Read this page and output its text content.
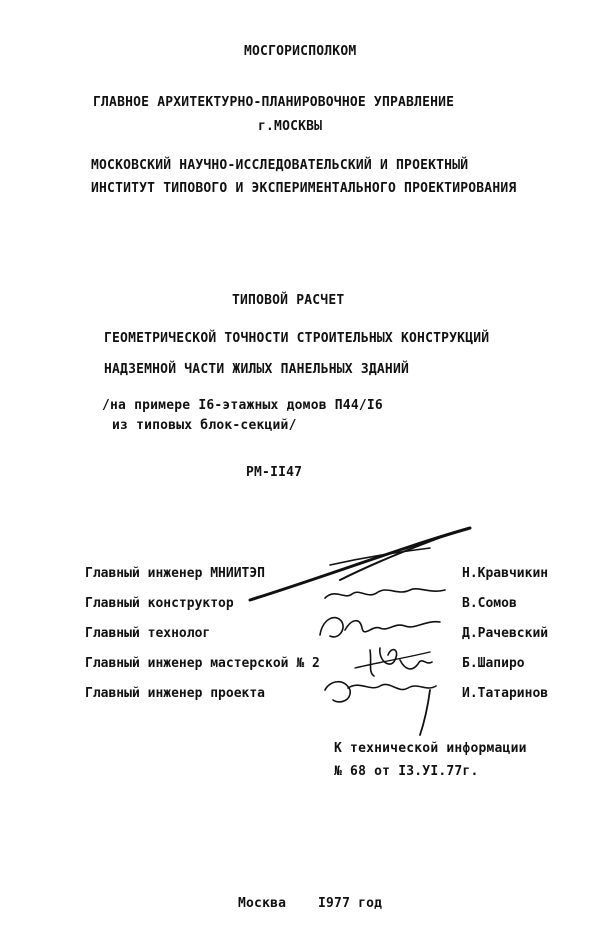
МОСГОРИСПОЛКОМ
ГЛАВНОЕ АРХИТЕКТУРНО-ПЛАНИРОВОЧНОЕ УПРАВЛЕНИЕ
г.МОСКВЫ
МОСКОВСКИЙ НАУЧНО-ИССЛЕДОВАТЕЛЬСКИЙ И ПРОЕКТНЫЙ
ИНСТИТУТ ТИПОВОГО И ЭКСПЕРИМЕНТАЛЬНОГО ПРОЕКТИРОВАНИЯ
ТИПОВОЙ РАСЧЕТ
ГЕОМЕТРИЧЕСКОЙ ТОЧНОСТИ СТРОИТЕЛЬНЫХ КОНСТРУКЦИЙ
НАДЗЕМНОЙ ЧАСТИ ЖИЛЫХ ПАНЕЛЬНЫХ ЗДАНИЙ
/на примере I6-этажных домов П44/I6
из типовых блок-секций/
РМ-II47
Главный инженер МНИИТЭП	Н.Кравчикин
Главный конструктор	В.Сомов
Главный технолог	Д.Рачевский
Главный инженер мастерской № 2	Б.Шапиро
Главный инженер проекта	И.Татаринов
К технической информации
№ 68 от I3.УI.77г.
Москва I977 год
